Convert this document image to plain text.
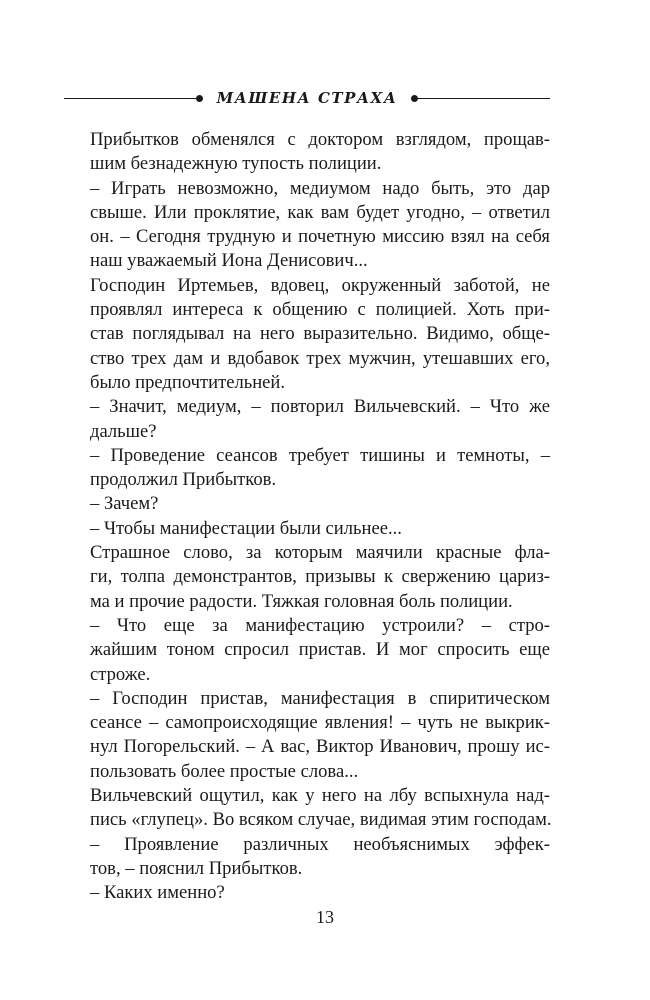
МАШЕНА СТРАХА

Прибытков обменялся с доктором взглядом, прощав-
шим безнадежную тупость полиции.

– Играть невозможно, медиумом надо быть, это дар
свыше. Или проклятие, как вам будет угодно, – ответил
он. – Сегодня трудную и почетную миссию взял на себя
наш уважаемый Иона Денисович...

Господин Иртемьев, вдовец, окруженный заботой, не
проявлял интереса к общению с полицией. Хоть при-
став поглядывал на него выразительно. Видимо, обще-
ство трех дам и вдобавок трех мужчин, утешавших его,
было предпочтительней.

– Значит, медиум, – повторил Вильчевский. – Что же
дальше?

– Проведение сеансов требует тишины и темноты, –
продолжил Прибытков.

– Зачем?

– Чтобы манифестации были сильнее...

Страшное слово, за которым маячили красные фла-
ги, толпа демонстрантов, призывы к свержению цариз-
ма и прочие радости. Тяжкая головная боль полиции.

– Что еще за манифестацию устроили? – стро-
жайшим тоном спросил пристав. И мог спросить еще
строже.

– Господин пристав, манифестация в спиритическом
сеансе – самопроисходящие явления! – чуть не выкрик-
нул Погорельский. – А вас, Виктор Иванович, прошу ис-
пользовать более простые слова...

Вильчевский ощутил, как у него на лбу вспыхнула над-
пись «глупец». Во всяком случае, видимая этим господам.

– Проявление различных необъяснимых эффек-
тов, – пояснил Прибытков.

– Каких именно?

13
